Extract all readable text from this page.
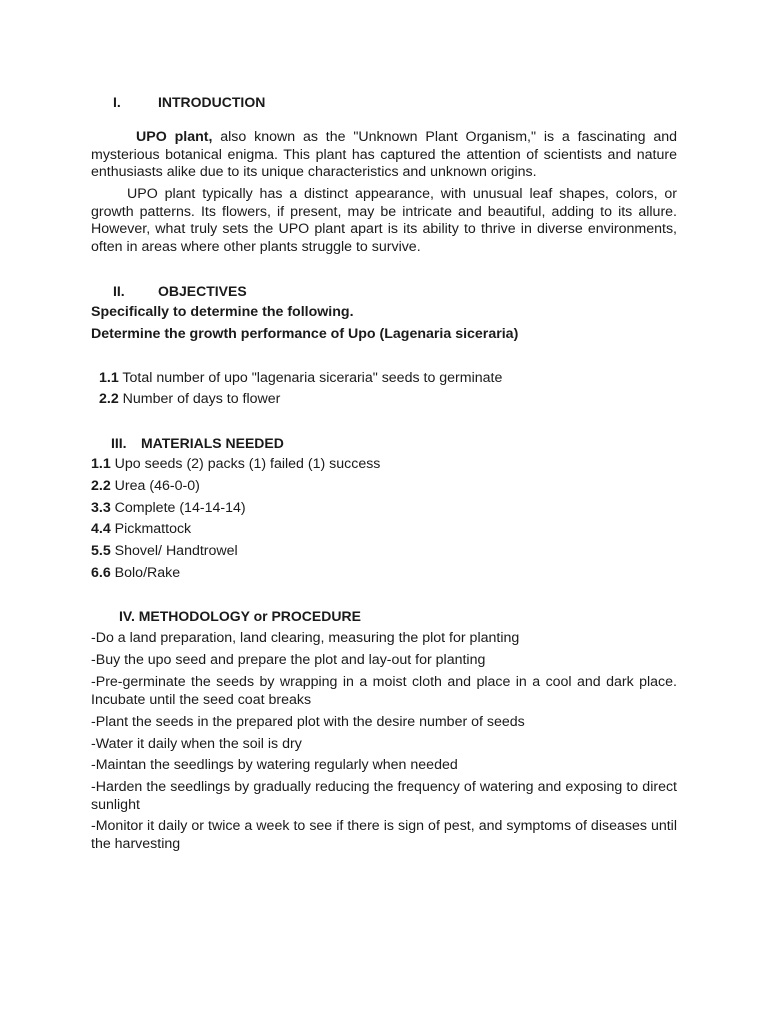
I.	INTRODUCTION
UPO plant, also known as the "Unknown Plant Organism," is a fascinating and mysterious botanical enigma. This plant has captured the attention of scientists and nature enthusiasts alike due to its unique characteristics and unknown origins.
UPO plant typically has a distinct appearance, with unusual leaf shapes, colors, or growth patterns. Its flowers, if present, may be intricate and beautiful, adding to its allure. However, what truly sets the UPO plant apart is its ability to thrive in diverse environments, often in areas where other plants struggle to survive.
II. OBJECTIVES
Specifically to determine the following.
Determine the growth performance of Upo (Lagenaria siceraria)
1.1 Total number of upo "lagenaria siceraria" seeds to germinate
2.2 Number of days to flower
III. MATERIALS NEEDED
1.1 Upo seeds (2) packs (1) failed (1) success
2.2 Urea (46-0-0)
3.3 Complete (14-14-14)
4.4 Pickmattock
5.5 Shovel/ Handtrowel
6.6 Bolo/Rake
IV. METHODOLOGY or PROCEDURE
-Do a land preparation, land clearing, measuring the plot for planting
-Buy the upo seed and prepare the plot and lay-out for planting
-Pre-germinate the seeds by wrapping in a moist cloth and place in a cool and dark place. Incubate until the seed coat breaks
-Plant the seeds in the prepared plot with the desire number of seeds
-Water it daily when the soil is dry
-Maintan the seedlings by watering regularly when needed
-Harden the seedlings by gradually reducing the frequency of watering and exposing to direct sunlight
-Monitor it daily or twice a week to see if there is sign of pest, and symptoms of diseases until the harvesting
